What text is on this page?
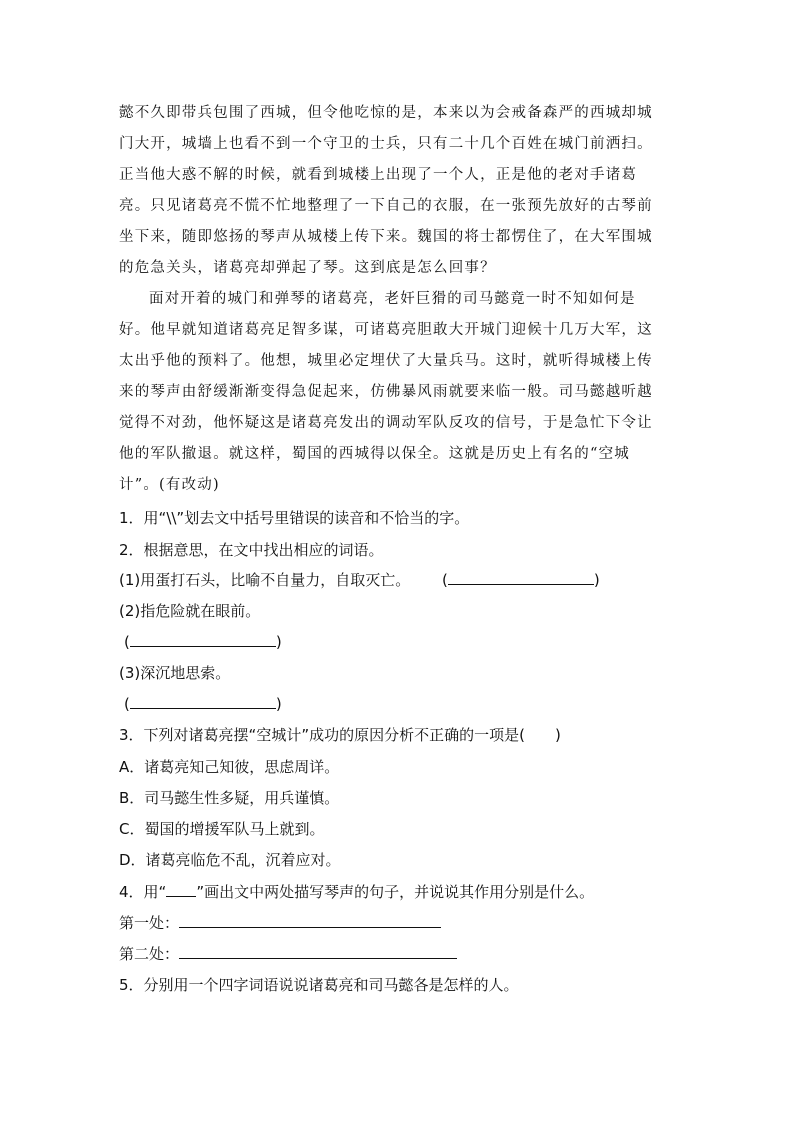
懿不久即带兵包围了西城，但令他吃惊的是，本来以为会戒备森严的西城却城
门大开，城墙上也看不到一个守卫的士兵，只有二十几个百姓在城门前洒扫。
正当他大惑不解的时候，就看到城楼上出现了一个人，正是他的老对手诸葛
亮。只见诸葛亮不慌不忙地整理了一下自己的衣服，在一张预先放好的古琴前
坐下来，随即悠扬的琴声从城楼上传下来。魏国的将士都愣住了，在大军围城
的危急关头，诸葛亮却弹起了琴。这到底是怎么回事？
面对开着的城门和弹琴的诸葛亮，老奸巨猾的司马懿竟一时不知如何是
好。他早就知道诸葛亮足智多谋，可诸葛亮胆敢大开城门迎候十几万大军，这
太出乎他的预料了。他想，城里必定埋伏了大量兵马。这时，就听得城楼上传
来的琴声由舒缓渐渐变得急促起来，仿佛暴风雨就要来临一般。司马懿越听越
觉得不对劲，他怀疑这是诸葛亮发出的调动军队反攻的信号，于是急忙下令让
他的军队撤退。就这样，蜀国的西城得以保全。这就是历史上有名的“空城
计”。(有改动)
1．用“\\”划去文中括号里错误的读音和不恰当的字。
2．根据意思，在文中找出相应的词语。
(1)用蛋打石头，比喻不自量力，自取灭亡。 (	)
(2)指危险就在眼前。
(	)
(3)深沉地思索。
(	)
3．下列对诸葛亮摆“空城计”成功的原因分析不正确的一项是(　　)
A．诸葛亮知己知彼，思虑周详。
B．司马懿生性多疑，用兵谨慎。
C．蜀国的增援军队马上就到。
D．诸葛亮临危不乱，沉着应对。
4．用“ ”画出文中两处描写琴声的句子，并说说其作用分别是什么。
第一处：
第二处：
5．分别用一个四字词语说说诸葛亮和司马懿各是怎样的人。
